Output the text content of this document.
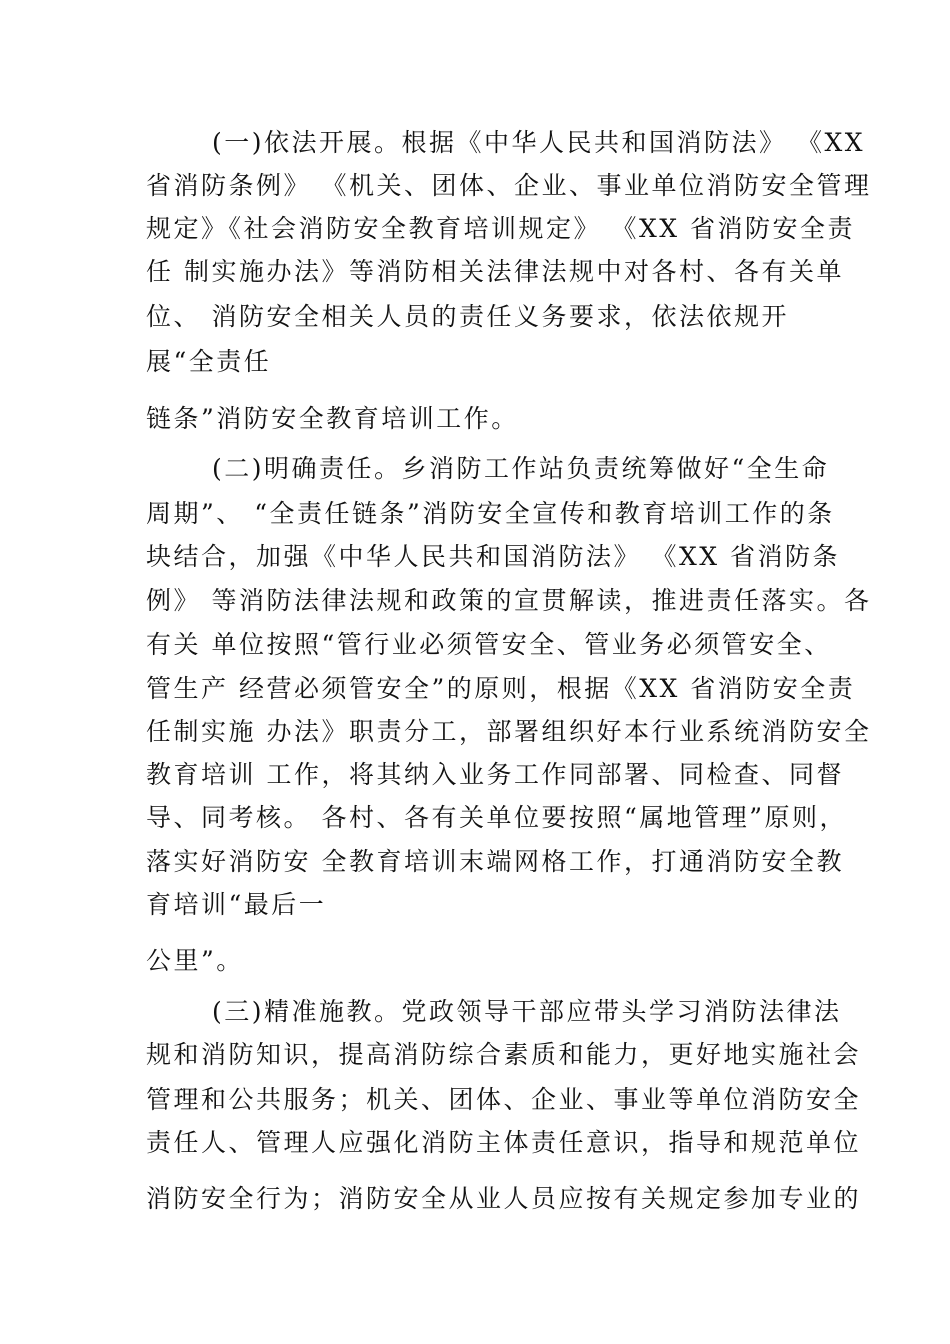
(一)依法开展。根据《中华人民共和国消防法》 《XX
省消防条例》 《机关、团体、企业、事业单位消防安全管理
规定》《社会消防安全教育培训规定》 《XX 省消防安全责
任 制实施办法》等消防相关法律法规中对各村、各有关单
位、 消防安全相关人员的责任义务要求，依法依规开
展“全责任
链条”消防安全教育培训工作。
(二)明确责任。乡消防工作站负责统筹做好“全生命
周期”、 “全责任链条”消防安全宣传和教育培训工作的条
块结合，加强《中华人民共和国消防法》 《XX 省消防条
例》 等消防法律法规和政策的宣贯解读，推进责任落实。各
有关 单位按照“管行业必须管安全、管业务必须管安全、
管生产 经营必须管安全”的原则，根据《XX 省消防安全责
任制实施 办法》职责分工，部署组织好本行业系统消防安全
教育培训 工作，将其纳入业务工作同部署、同检查、同督
导、同考核。 各村、各有关单位要按照“属地管理”原则，
落实好消防安 全教育培训末端网格工作，打通消防安全教
育培训“最后一
公里”。
(三)精准施教。党政领导干部应带头学习消防法律法
规和消防知识，提高消防综合素质和能力，更好地实施社会
管理和公共服务；机关、团体、企业、事业等单位消防安全
责任人、管理人应强化消防主体责任意识，指导和规范单位
消防安全行为；消防安全从业人员应按有关规定参加专业的
